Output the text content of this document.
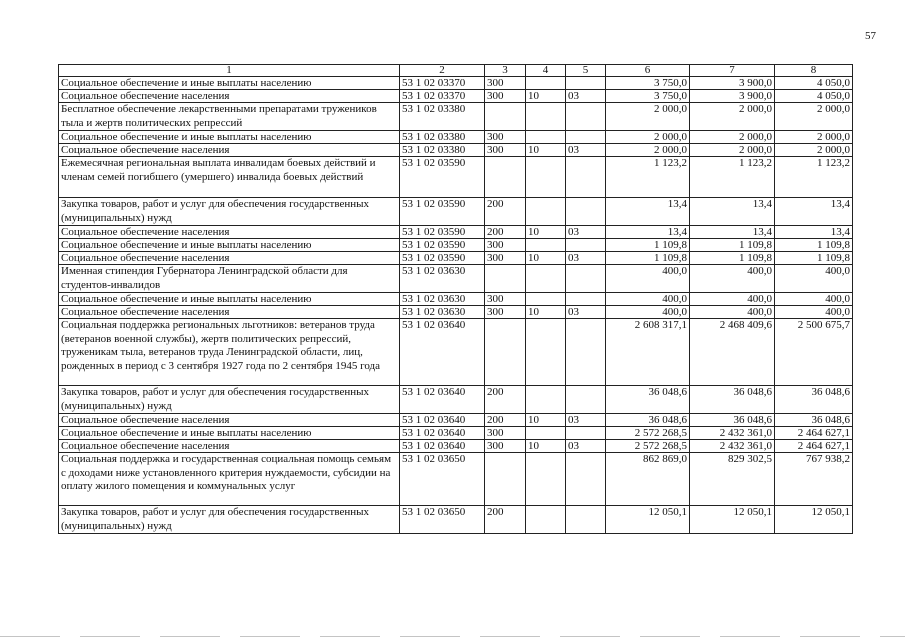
57
1	2	3	4	5	6	7	8
Социальное обеспечение и иные выплаты населению	53 1 02 03370	300			3 750,0	3 900,0	4 050,0
Социальное обеспечение населения	53 1 02 03370	300	10	03	3 750,0	3 900,0	4 050,0
Бесплатное обеспечение лекарственными препаратами тружеников тыла и жертв политических репрессий	53 1 02 03380				2 000,0	2 000,0	2 000,0
Социальное обеспечение и иные выплаты населению	53 1 02 03380	300			2 000,0	2 000,0	2 000,0
Социальное обеспечение населения	53 1 02 03380	300	10	03	2 000,0	2 000,0	2 000,0
Ежемесячная региональная выплата инвалидам боевых действий и членам семей погибшего (умершего) инвалида боевых действий	53 1 02 03590				1 123,2	1 123,2	1 123,2
Закупка товаров, работ и услуг для обеспечения государственных (муниципальных) нужд	53 1 02 03590	200			13,4	13,4	13,4
Социальное обеспечение населения	53 1 02 03590	200	10	03	13,4	13,4	13,4
Социальное обеспечение и иные выплаты населению	53 1 02 03590	300			1 109,8	1 109,8	1 109,8
Социальное обеспечение населения	53 1 02 03590	300	10	03	1 109,8	1 109,8	1 109,8
Именная стипендия Губернатора Ленинградской области для студентов-инвалидов	53 1 02 03630				400,0	400,0	400,0
Социальное обеспечение и иные выплаты населению	53 1 02 03630	300			400,0	400,0	400,0
Социальное обеспечение населения	53 1 02 03630	300	10	03	400,0	400,0	400,0
Социальная поддержка региональных льготников: ветеранов труда (ветеранов военной службы), жертв политических репрессий, труженикам тыла, ветеранов труда Ленинградской области, лиц, рожденных в период с 3 сентября 1927 года по 2 сентября 1945 года	53 1 02 03640				2 608 317,1	2 468 409,6	2 500 675,7
Закупка товаров, работ и услуг для обеспечения государственных (муниципальных) нужд	53 1 02 03640	200			36 048,6	36 048,6	36 048,6
Социальное обеспечение населения	53 1 02 03640	200	10	03	36 048,6	36 048,6	36 048,6
Социальное обеспечение и иные выплаты населению	53 1 02 03640	300			2 572 268,5	2 432 361,0	2 464 627,1
Социальное обеспечение населения	53 1 02 03640	300	10	03	2 572 268,5	2 432 361,0	2 464 627,1
Социальная поддержка и государственная социальная помощь семьям с доходами ниже установленного критерия нуждаемости, субсидии на оплату жилого помещения и коммунальных услуг	53 1 02 03650				862 869,0	829 302,5	767 938,2
Закупка товаров, работ и услуг для обеспечения государственных (муниципальных) нужд	53 1 02 03650	200			12 050,1	12 050,1	12 050,1
